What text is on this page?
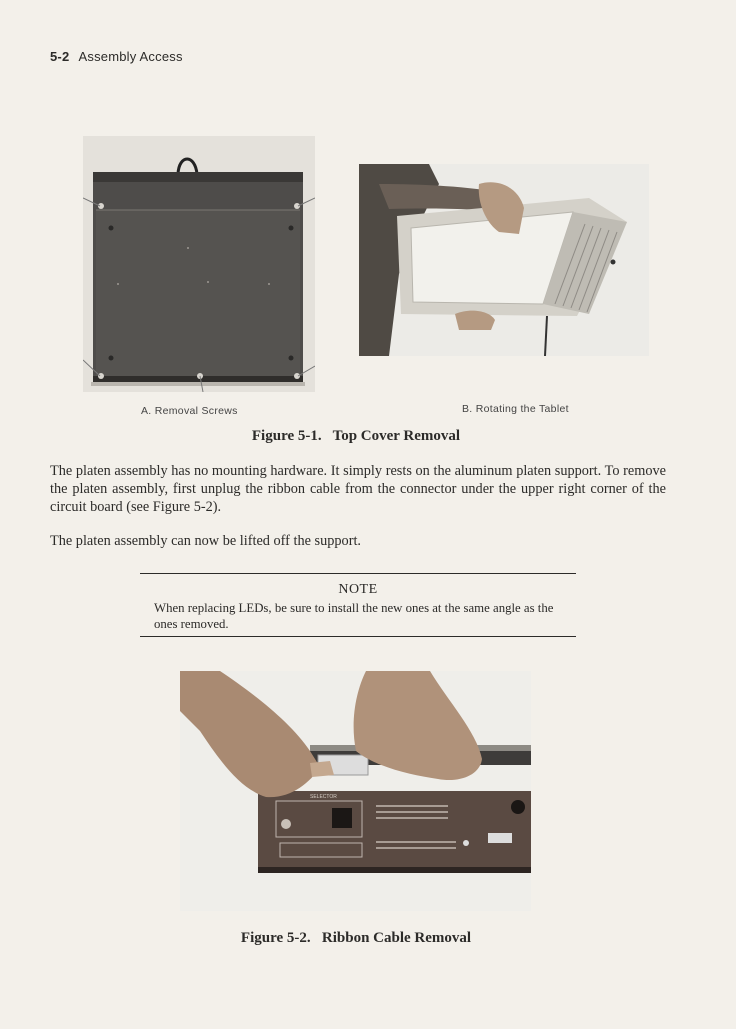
5-2 Assembly Access
A. Removal Screws	B. Rotating the Tablet
Figure 5-1.   Top Cover Removal
The platen assembly has no mounting hardware. It simply rests on the aluminum platen support. To remove the platen assembly, first unplug the ribbon cable from the connector under the upper right corner of the circuit board (see Figure 5-2).
The platen assembly can now be lifted off the support.
NOTE
When replacing LEDs, be sure to install the new ones at the same angle as the ones removed.
SELECTOR
Figure 5-2.   Ribbon Cable Removal
